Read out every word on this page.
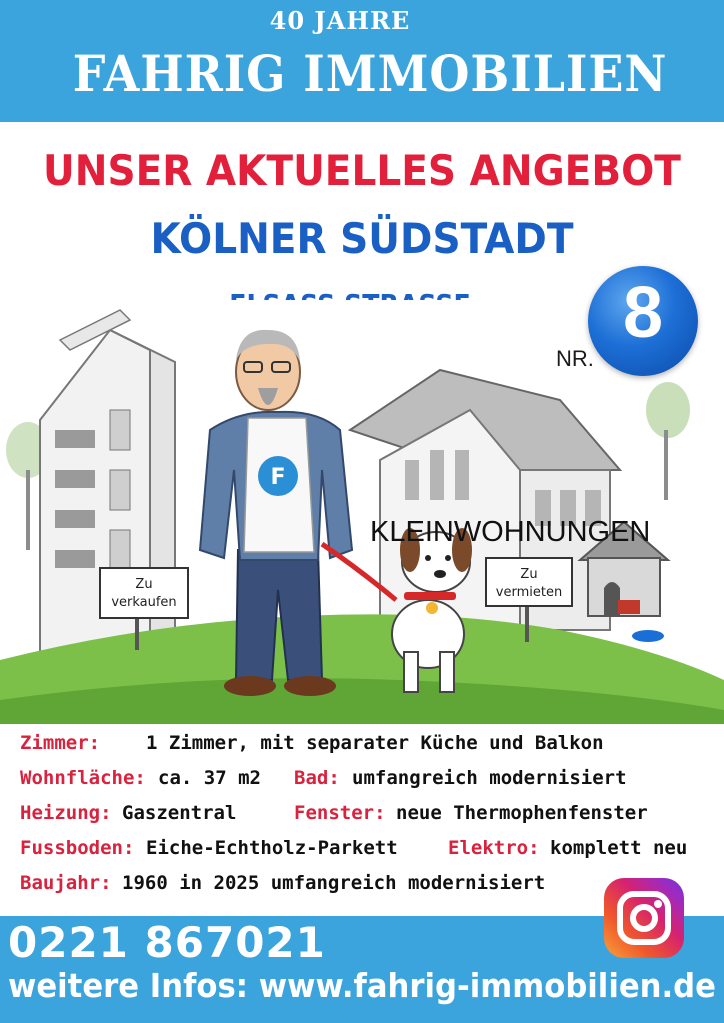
40 JAHRE
FAHRIG IMMOBILIEN
UNSER AKTUELLES ANGEBOT
KÖLNER SÜDSTADT
Zu
verkaufen
Zu
vermieten
F
NR.
8
KLEINWOHNUNGEN
Zimmer: 1 Zimmer, mit separater Küche und Balkon
Wohnfläche: ca. 37 m2 Bad: umfangreich modernisiert
Heizung: Gaszentral	Fenster: neue Thermophenfenster
Fussboden: Eiche-Echtholz-Parkett	Elektro: komplett neu
Baujahr: 1960 in 2025 umfangreich modernisiert
0221 867021
weitere Infos: www.fahrig-immobilien.de
